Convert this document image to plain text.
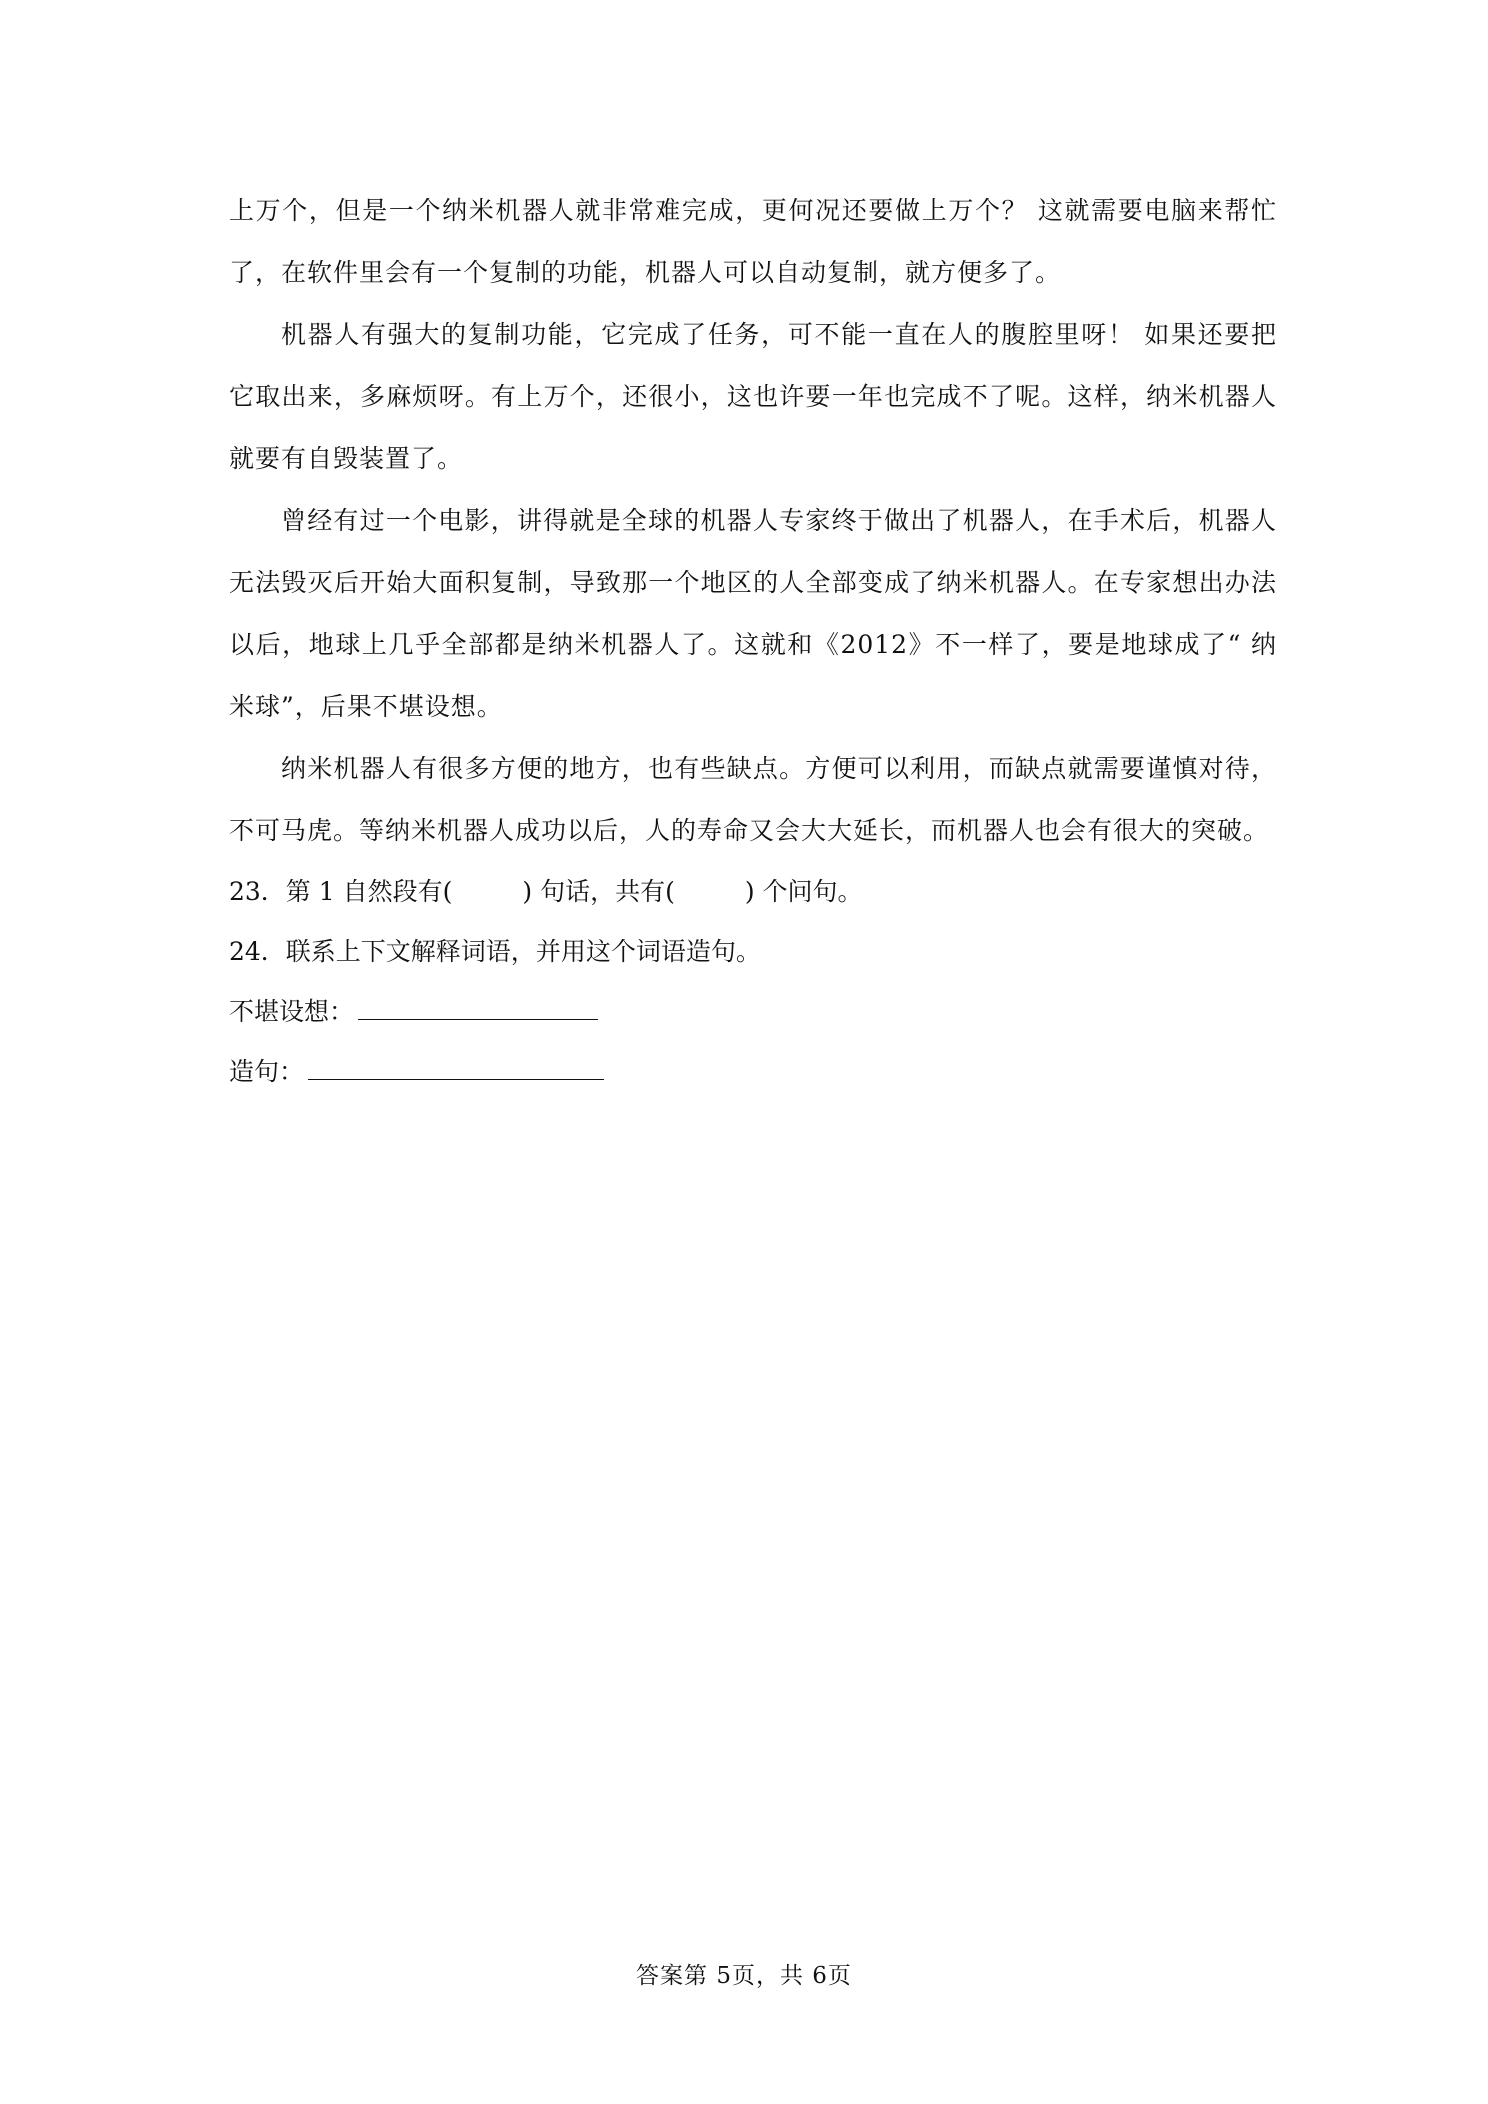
上万个，但是一个纳米机器人就非常难完成，更何况还要做上万个？ 这就需要电脑来帮忙了，在软件里会有一个复制的功能，机器人可以自动复制，就方便多了。

机器人有强大的复制功能，它完成了任务，可不能一直在人的腹腔里呀！ 如果还要把它取出来，多麻烦呀。有上万个，还很小，这也许要一年也完成不了呢。这样，纳米机器人就要有自毁装置了。

曾经有过一个电影，讲得就是全球的机器人专家终于做出了机器人，在手术后，机器人无法毁灭后开始大面积复制，导致那一个地区的人全部变成了纳米机器人。在专家想出办法以后，地球上几乎全部都是纳米机器人了。这就和《2012》不一样了，要是地球成了“ 纳米球”，后果不堪设想。

纳米机器人有很多方便的地方，也有些缺点。方便可以利用，而缺点就需要谨慎对待，不可马虎。等纳米机器人成功以后，人的寿命又会大大延长，而机器人也会有很大的突破。

23．第 1 自然段有(	) 句话，共有(	) 个问句。

24．联系上下文解释词语，并用这个词语造句。

不堪设想：

造句：

答案第 5页，共 6页
